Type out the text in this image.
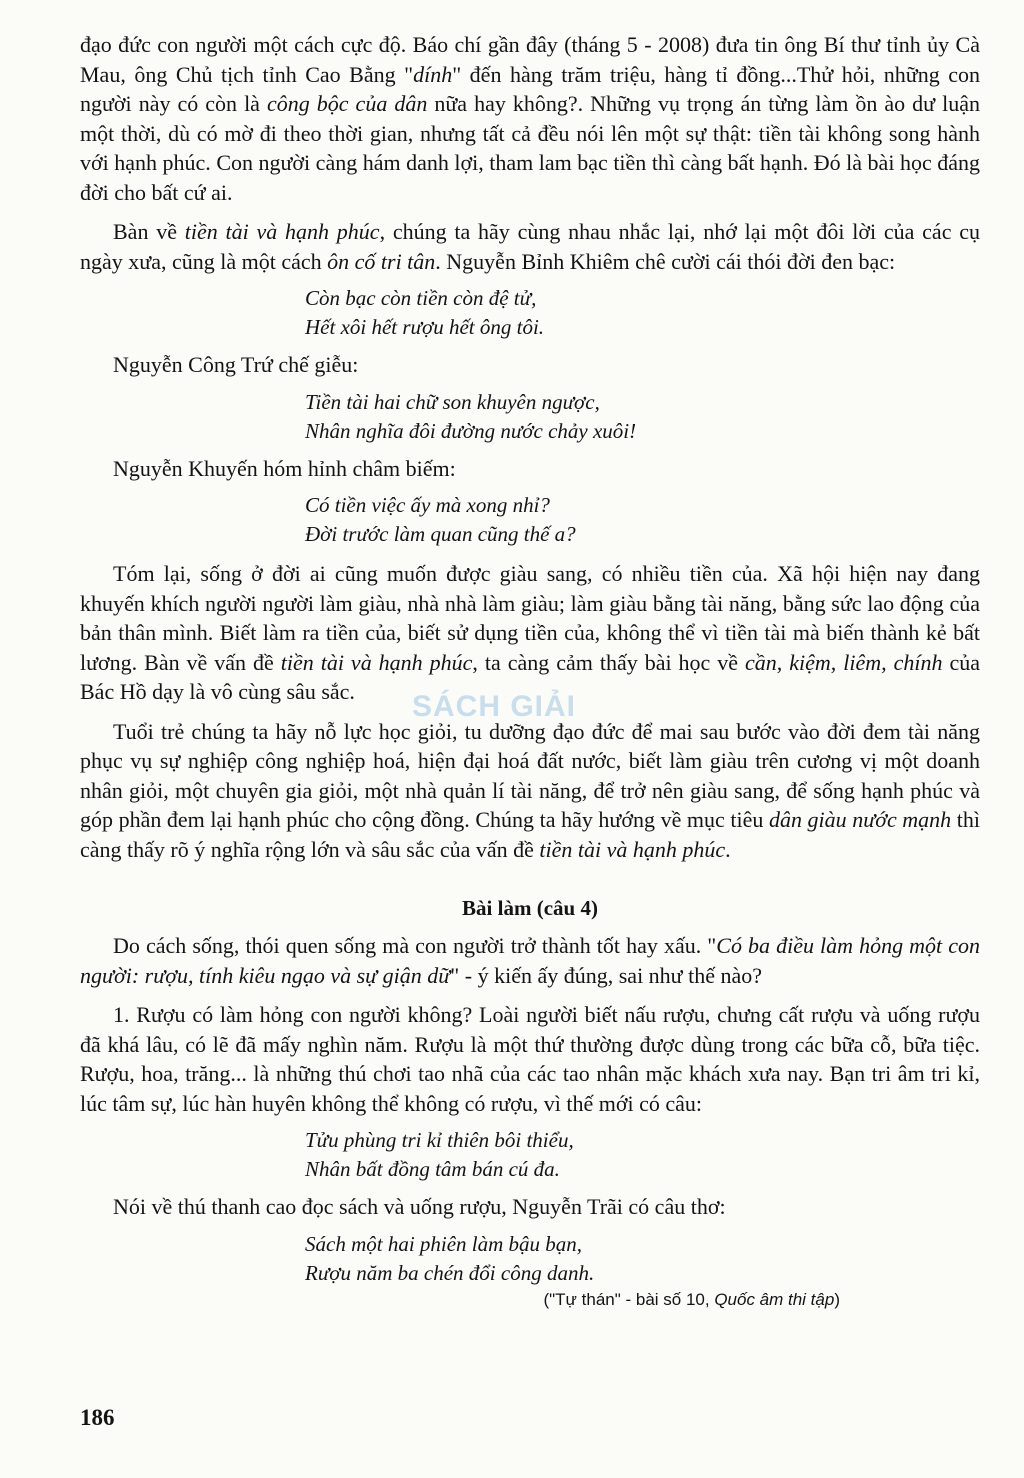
đạo đức con người một cách cực độ. Báo chí gần đây (tháng 5 - 2008) đưa tin ông Bí thư tỉnh ủy Cà Mau, ông Chủ tịch tỉnh Cao Bằng "dính" đến hàng trăm triệu, hàng tỉ đồng...Thử hỏi, những con người này có còn là công bộc của dân nữa hay không?. Những vụ trọng án từng làm ồn ào dư luận một thời, dù có mờ đi theo thời gian, nhưng tất cả đều nói lên một sự thật: tiền tài không song hành với hạnh phúc. Con người càng hám danh lợi, tham lam bạc tiền thì càng bất hạnh. Đó là bài học đáng đời cho bất cứ ai.

Bàn về tiền tài và hạnh phúc, chúng ta hãy cùng nhau nhắc lại, nhớ lại một đôi lời của các cụ ngày xưa, cũng là một cách ôn cố tri tân. Nguyễn Bỉnh Khiêm chê cười cái thói đời đen bạc:

Còn bạc còn tiền còn đệ tử,
Hết xôi hết rượu hết ông tôi.
Nguyễn Công Trứ chế giễu:
Tiền tài hai chữ son khuyên ngược,
Nhân nghĩa đôi đường nước chảy xuôi!
Nguyễn Khuyến hóm hỉnh châm biếm:
Có tiền việc ấy mà xong nhỉ?
Đời trước làm quan cũng thế a?

Tóm lại, sống ở đời ai cũng muốn được giàu sang, có nhiều tiền của. Xã hội hiện nay đang khuyến khích người người làm giàu, nhà nhà làm giàu; làm giàu bằng tài năng, bằng sức lao động của bản thân mình. Biết làm ra tiền của, biết sử dụng tiền của, không thể vì tiền tài mà biến thành kẻ bất lương. Bàn về vấn đề tiền tài và hạnh phúc, ta càng cảm thấy bài học về cần, kiệm, liêm, chính của Bác Hồ dạy là vô cùng sâu sắc.

Tuổi trẻ chúng ta hãy nỗ lực học giỏi, tu dưỡng đạo đức để mai sau bước vào đời đem tài năng phục vụ sự nghiệp công nghiệp hoá, hiện đại hoá đất nước, biết làm giàu trên cương vị một doanh nhân giỏi, một chuyên gia giỏi, một nhà quản lí tài năng, để trở nên giàu sang, để sống hạnh phúc và góp phần đem lại hạnh phúc cho cộng đồng. Chúng ta hãy hướng về mục tiêu dân giàu nước mạnh thì càng thấy rõ ý nghĩa rộng lớn và sâu sắc của vấn đề tiền tài và hạnh phúc.

Bài làm (câu 4)

Do cách sống, thói quen sống mà con người trở thành tốt hay xấu. "Có ba điều làm hỏng một con người: rượu, tính kiêu ngạo và sự giận dữ" - ý kiến ấy đúng, sai như thế nào?

1. Rượu có làm hỏng con người không? Loài người biết nấu rượu, chưng cất rượu và uống rượu đã khá lâu, có lẽ đã mấy nghìn năm. Rượu là một thứ thường được dùng trong các bữa cỗ, bữa tiệc. Rượu, hoa, trăng... là những thú chơi tao nhã của các tao nhân mặc khách xưa nay. Bạn tri âm tri kỉ, lúc tâm sự, lúc hàn huyên không thể không có rượu, vì thế mới có câu:

Tửu phùng tri kỉ thiên bôi thiểu,
Nhân bất đồng tâm bán cú đa.
Nói về thú thanh cao đọc sách và uống rượu, Nguyễn Trãi có câu thơ:
Sách một hai phiên làm bậu bạn,
Rượu năm ba chén đổi công danh.
("Tự thán" - bài số 10, Quốc âm thi tập)
SÁCH GIẢI
186
